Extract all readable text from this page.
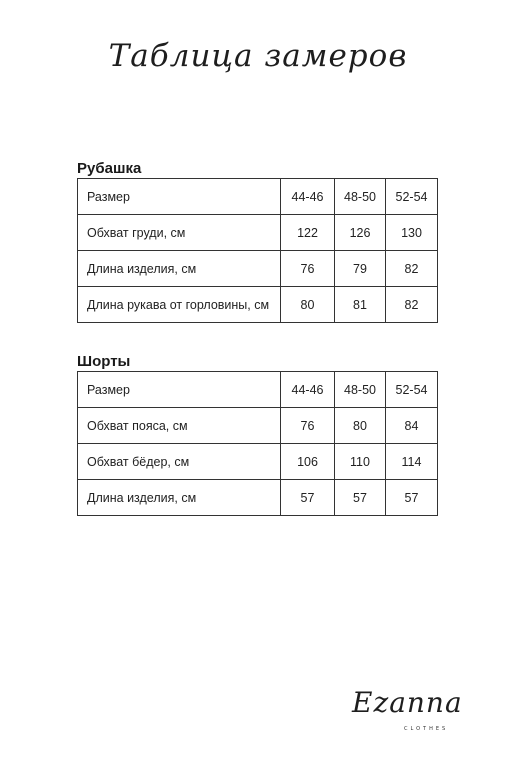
Таблица замеров
Рубашка
Размер	44-46	48-50	52-54
Обхват груди, см	122	126	130
Длина изделия, см	76	79	82
Длина рукава от горловины, см	80	81	82
Шорты
Размер	44-46	48-50	52-54
Обхват пояса, см	76	80	84
Обхват бёдер, см	106	110	114
Длина изделия, см	57	57	57
Ezanna
CLOTHES
